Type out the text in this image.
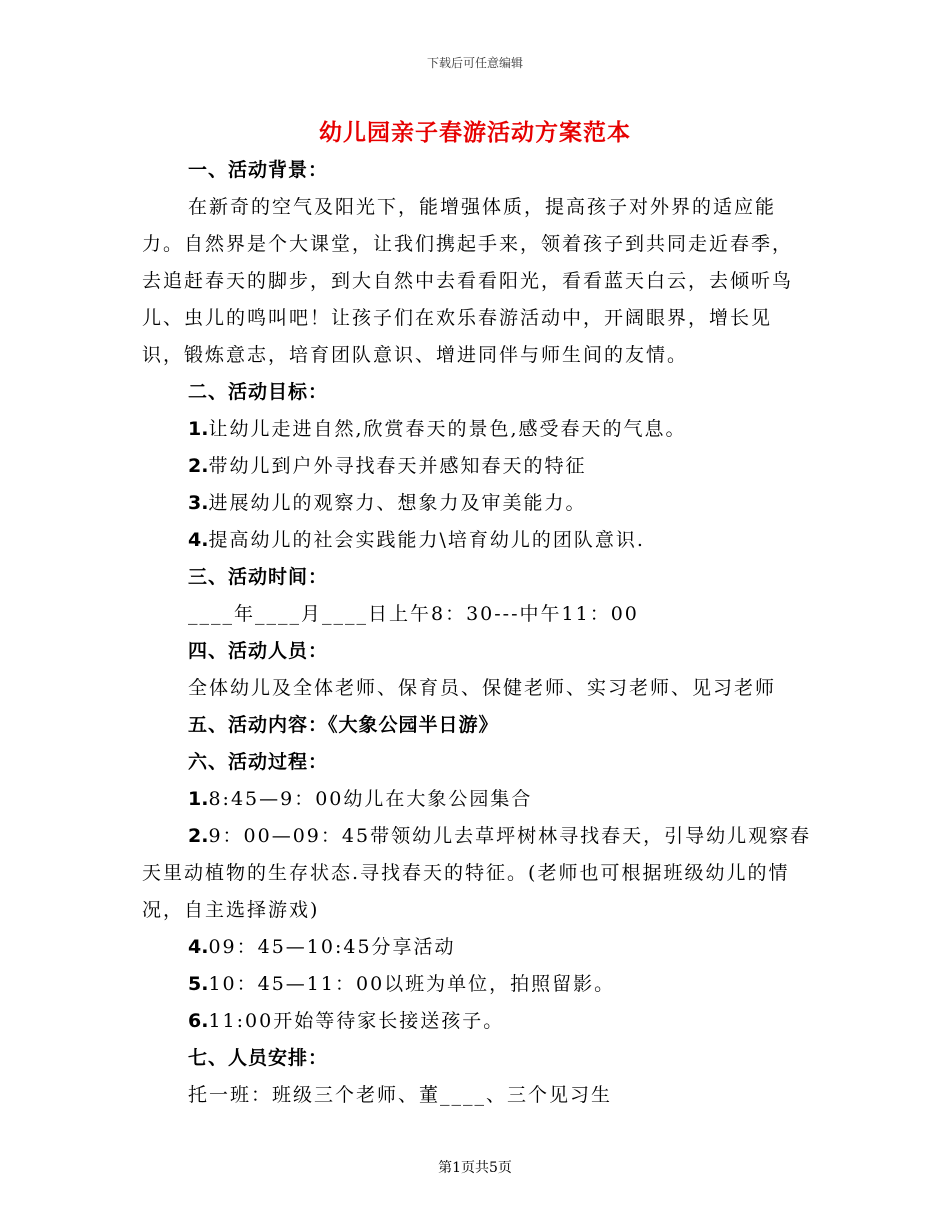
下载后可任意编辑
幼儿园亲子春游活动方案范本
一、活动背景：

在新奇的空气及阳光下，能增强体质，提高孩子对外界的适应能力。自然界是个大课堂，让我们携起手来，领着孩子到共同走近春季，去追赶春天的脚步，到大自然中去看看阳光，看看蓝天白云，去倾听鸟儿、虫儿的鸣叫吧！让孩子们在欢乐春游活动中，开阔眼界，增长见识，锻炼意志，培育团队意识、增进同伴与师生间的友情。

二、活动目标：
1.让幼儿走进自然,欣赏春天的景色,感受春天的气息。
2.带幼儿到户外寻找春天并感知春天的特征
3.进展幼儿的观察力、想象力及审美能力。
4.提高幼儿的社会实践能力\培育幼儿的团队意识.
三、活动时间：
____年____月____日上午8：30---中午11：00
四、活动人员：
全体幼儿及全体老师、保育员、保健老师、实习老师、见习老师
五、活动内容：《大象公园半日游》
六、活动过程：
1.8:45—9：00幼儿在大象公园集合
2.9：00—09：45带领幼儿去草坪树林寻找春天，引导幼儿观察春天里动植物的生存状态.寻找春天的特征。(老师也可根据班级幼儿的情况，自主选择游戏)
4.09：45—10:45分享活动
5.10：45—11：00以班为单位，拍照留影。
6.11:00开始等待家长接送孩子。
七、人员安排：
托一班：班级三个老师、董____、三个见习生
第1页共5页
